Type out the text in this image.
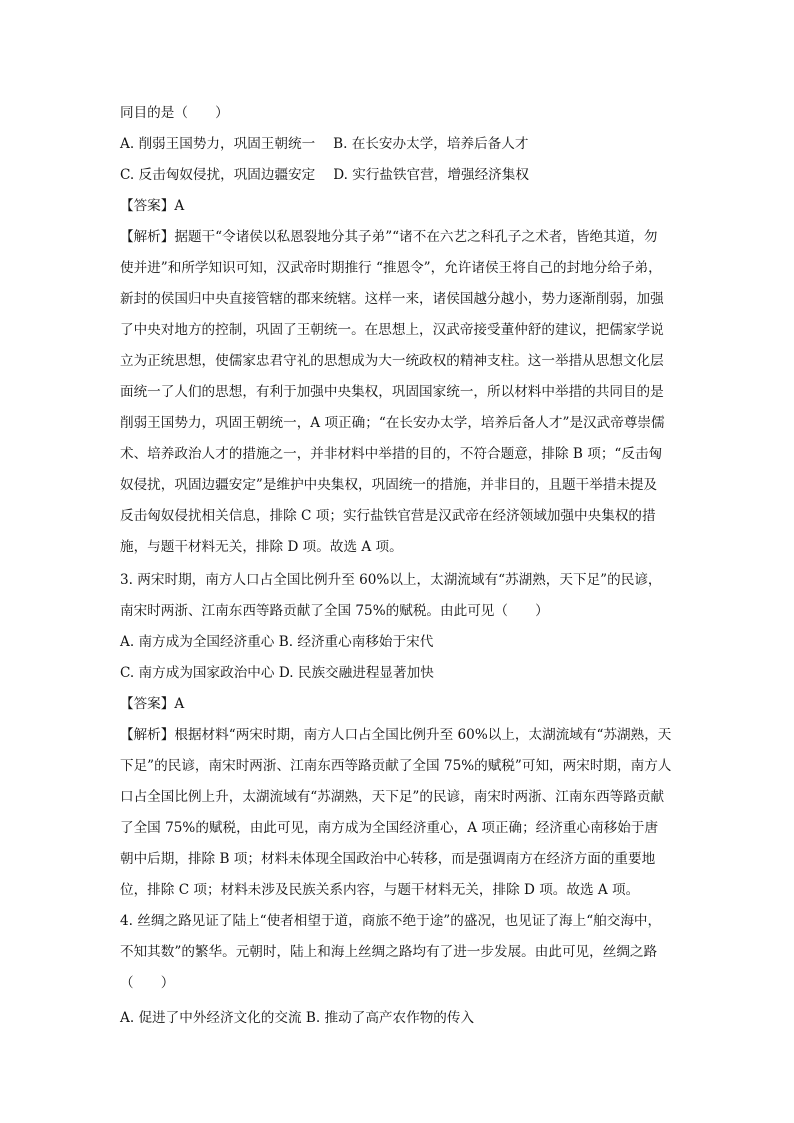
同目的是（　　）
A. 削弱王国势力，巩固王朝统一　 B. 在长安办太学，培养后备人才
C. 反击匈奴侵扰，巩固边疆安定　 D. 实行盐铁官营，增强经济集权
【答案】A
【解析】据题干“令诸侯以私恩裂地分其子弟”“诸不在六艺之科孔子之术者，皆绝其道，勿
使并进”和所学知识可知，汉武帝时期推行 “推恩令”，允许诸侯王将自己的封地分给子弟，
新封的侯国归中央直接管辖的郡来统辖。这样一来，诸侯国越分越小，势力逐渐削弱，加强
了中央对地方的控制，巩固了王朝统一。在思想上，汉武帝接受董仲舒的建议，把儒家学说
立为正统思想，使儒家忠君守礼的思想成为大一统政权的精神支柱。这一举措从思想文化层
面统一了人们的思想，有利于加强中央集权，巩固国家统一，所以材料中举措的共同目的是
削弱王国势力，巩固王朝统一，A 项正确；“在长安办太学，培养后备人才”是汉武帝尊崇儒
术、培养政治人才的措施之一，并非材料中举措的目的，不符合题意，排除 B 项；“反击匈
奴侵扰，巩固边疆安定”是维护中央集权，巩固统一的措施，并非目的，且题干举措未提及
反击匈奴侵扰相关信息，排除 C 项；实行盐铁官营是汉武帝在经济领域加强中央集权的措
施，与题干材料无关，排除 D 项。故选 A 项。
3. 两宋时期，南方人口占全国比例升至 60%以上，太湖流域有“苏湖熟，天下足”的民谚，
南宋时两浙、江南东西等路贡献了全国 75%的赋税。由此可见（　　）
A. 南方成为全国经济重心 B. 经济重心南移始于宋代
C. 南方成为国家政治中心 D. 民族交融进程显著加快
【答案】A
【解析】根据材料“两宋时期，南方人口占全国比例升至 60%以上，太湖流域有“苏湖熟，天
下足”的民谚，南宋时两浙、江南东西等路贡献了全国 75%的赋税”可知，两宋时期，南方人
口占全国比例上升，太湖流域有“苏湖熟，天下足”的民谚，南宋时两浙、江南东西等路贡献
了全国 75%的赋税，由此可见，南方成为全国经济重心，A 项正确；经济重心南移始于唐
朝中后期，排除 B 项；材料未体现全国政治中心转移，而是强调南方在经济方面的重要地
位，排除 C 项；材料未涉及民族关系内容，与题干材料无关，排除 D 项。故选 A 项。
4. 丝绸之路见证了陆上“使者相望于道，商旅不绝于途”的盛况，也见证了海上“舶交海中，
不知其数”的繁华。元朝时，陆上和海上丝绸之路均有了进一步发展。由此可见，丝绸之路
（　　）
A. 促进了中外经济文化的交流 B. 推动了高产农作物的传入
